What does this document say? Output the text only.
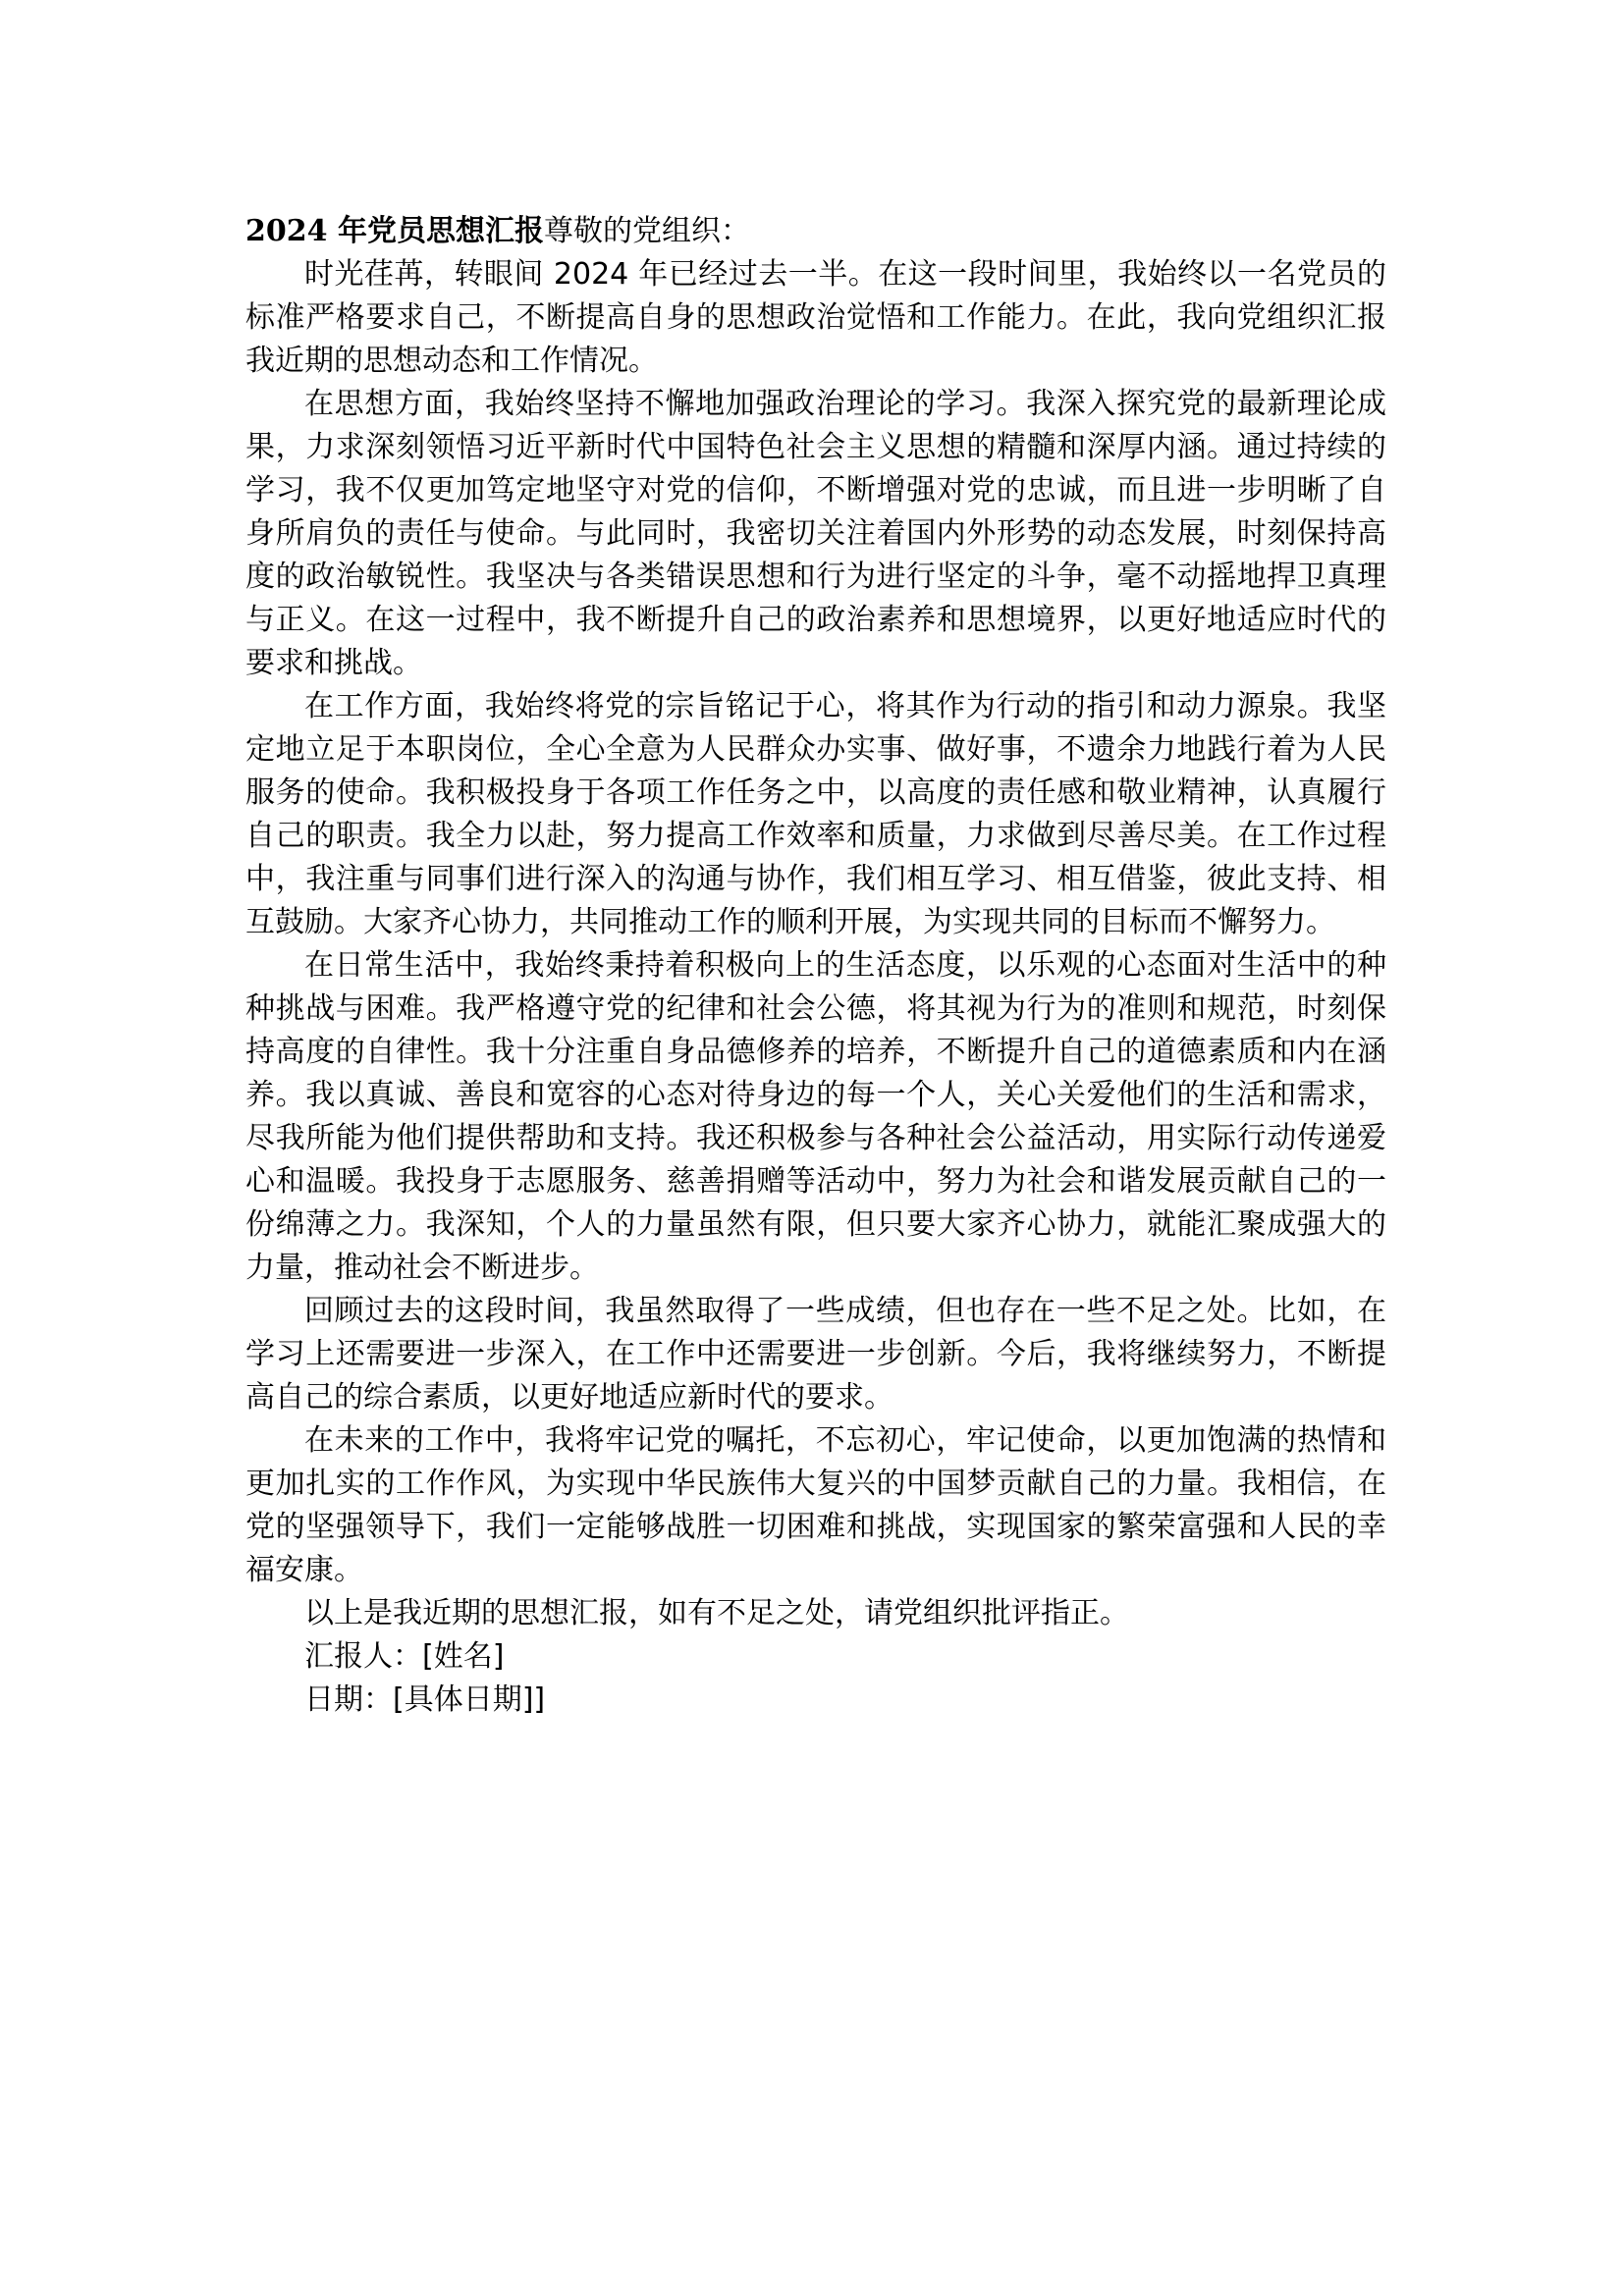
2024 年党员思想汇报尊敬的党组织：

时光荏苒，转眼间 2024 年已经过去一半。在这一段时间里，我始终以一名党员的标准严格要求自己，不断提高自身的思想政治觉悟和工作能力。在此，我向党组织汇报我近期的思想动态和工作情况。

在思想方面，我始终坚持不懈地加强政治理论的学习。我深入探究党的最新理论成果，力求深刻领悟习近平新时代中国特色社会主义思想的精髓和深厚内涵。通过持续的学习，我不仅更加笃定地坚守对党的信仰，不断增强对党的忠诚，而且进一步明晰了自身所肩负的责任与使命。与此同时，我密切关注着国内外形势的动态发展，时刻保持高度的政治敏锐性。我坚决与各类错误思想和行为进行坚定的斗争，毫不动摇地捍卫真理与正义。在这一过程中，我不断提升自己的政治素养和思想境界，以更好地适应时代的要求和挑战。

在工作方面，我始终将党的宗旨铭记于心，将其作为行动的指引和动力源泉。我坚定地立足于本职岗位，全心全意为人民群众办实事、做好事，不遗余力地践行着为人民服务的使命。我积极投身于各项工作任务之中，以高度的责任感和敬业精神，认真履行自己的职责。我全力以赴，努力提高工作效率和质量，力求做到尽善尽美。在工作过程中，我注重与同事们进行深入的沟通与协作，我们相互学习、相互借鉴，彼此支持、相互鼓励。大家齐心协力，共同推动工作的顺利开展，为实现共同的目标而不懈努力。

在日常生活中，我始终秉持着积极向上的生活态度，以乐观的心态面对生活中的种种挑战与困难。我严格遵守党的纪律和社会公德，将其视为行为的准则和规范，时刻保持高度的自律性。我十分注重自身品德修养的培养，不断提升自己的道德素质和内在涵养。我以真诚、善良和宽容的心态对待身边的每一个人，关心关爱他们的生活和需求，尽我所能为他们提供帮助和支持。我还积极参与各种社会公益活动，用实际行动传递爱心和温暖。我投身于志愿服务、慈善捐赠等活动中，努力为社会和谐发展贡献自己的一份绵薄之力。我深知，个人的力量虽然有限，但只要大家齐心协力，就能汇聚成强大的力量，推动社会不断进步。

回顾过去的这段时间，我虽然取得了一些成绩，但也存在一些不足之处。比如，在学习上还需要进一步深入，在工作中还需要进一步创新。今后，我将继续努力，不断提高自己的综合素质，以更好地适应新时代的要求。

在未来的工作中，我将牢记党的嘱托，不忘初心，牢记使命，以更加饱满的热情和更加扎实的工作作风，为实现中华民族伟大复兴的中国梦贡献自己的力量。我相信，在党的坚强领导下，我们一定能够战胜一切困难和挑战，实现国家的繁荣富强和人民的幸福安康。

以上是我近期的思想汇报，如有不足之处，请党组织批评指正。

汇报人：[姓名]

日期：[具体日期]]
